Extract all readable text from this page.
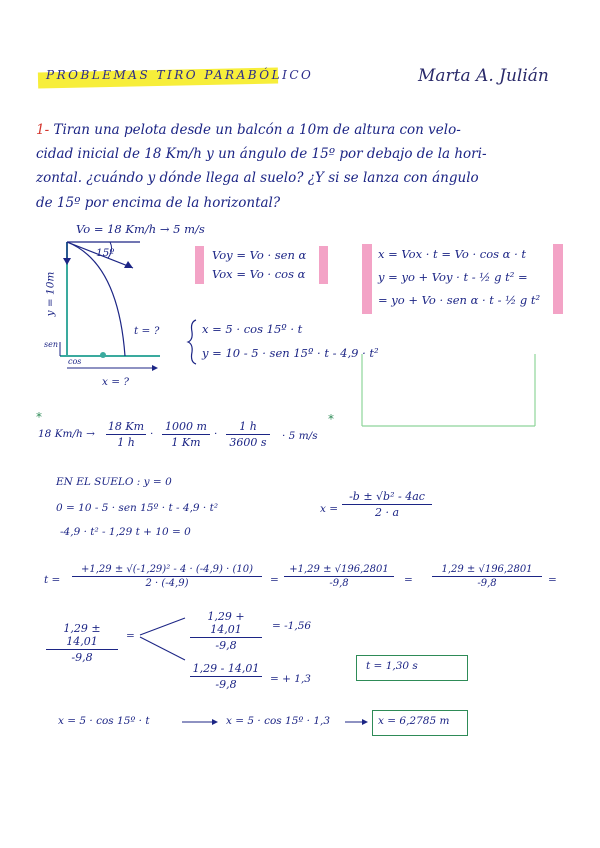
PROBLEMAS TIRO PARABÓLICO	Marta A. Julián
1- Tiran una pelota desde un balcón a 10m de altura con velo-
cidad inicial de 18 Km/h y un ángulo de 15º por debajo de la hori-
zontal. ¿cuándo y dónde llega al suelo? ¿Y si se lanza con ángulo
de 15º por encima de la horizontal?
Vo = 18 Km/h → 5 m/s
15º
y = 10m
sen
cos
t = ?
x = ?
Voy = Vo · sen α
Vox = Vo · cos α
x = Vox · t = Vo · cos α · t
y = yo + Voy · t - ½ g t² =
= yo + Vo · sen α · t - ½ g t²
x = 5 · cos 15º · t
y = 10 - 5 · sen 15º · t - 4,9 · t²
*	*
18 Km/h →
18 Km
1 h
·
1000 m
1 Km
·
1 h
3600 s	· 5 m/s
EN EL SUELO : y = 0
0 = 10 - 5 · sen 15º · t - 4,9 · t²
-4,9 · t² - 1,29 t + 10 = 0
x =
-b ± √b² - 4ac
2 · a
t =
+1,29 ± √(-1,29)² - 4 · (-4,9) · (10)
2 · (-4,9)	=
+1,29 ± √196,2801
-9,8	=
1,29 ± √196,2801
-9,8	=
1,29 ± 14,01
-9,8
=
1,29 + 14,01
-9,8
= -1,56
1,29 - 14,01
-9,8	= + 1,3
t = 1,30 s
x = 5 · cos 15º · t	x = 5 · cos 15º · 1,3	x = 6,2785 m
